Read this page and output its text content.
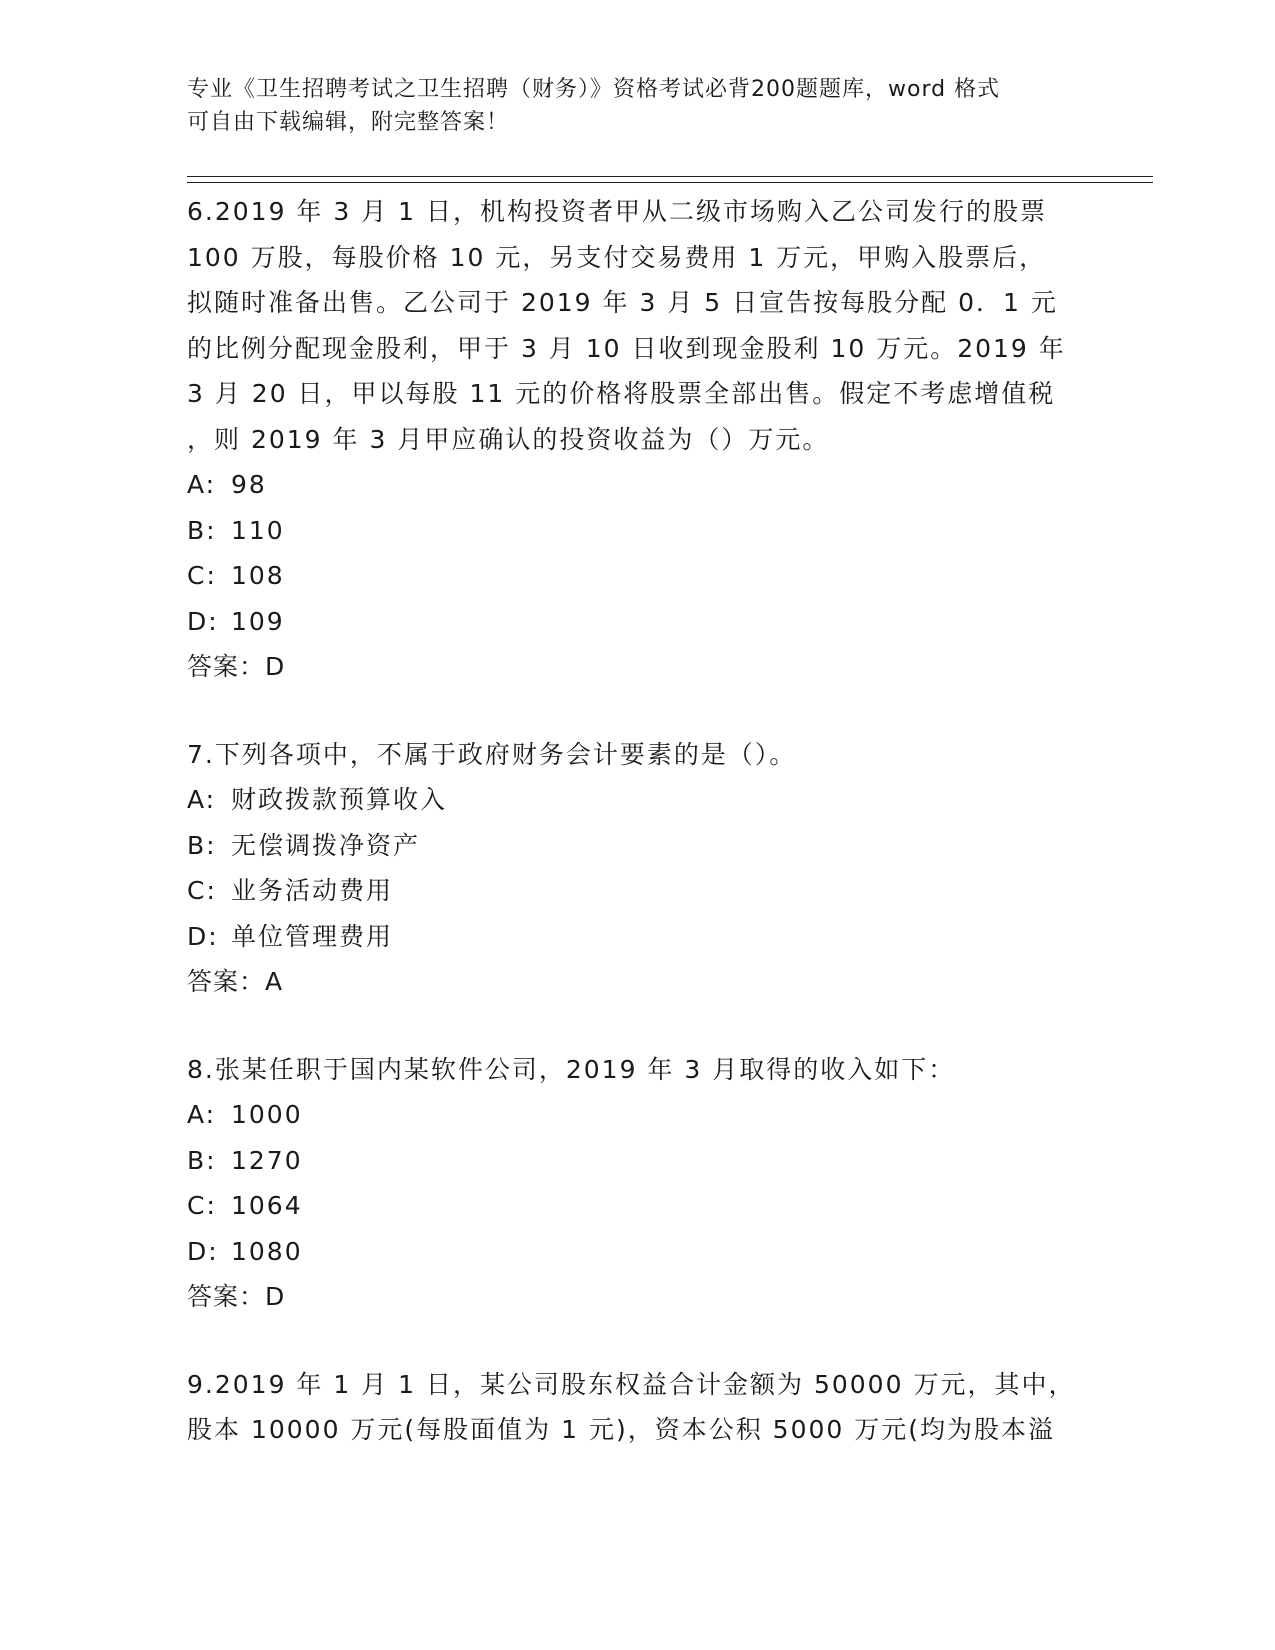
专业《卫生招聘考试之卫生招聘（财务）》资格考试必背200题题库，word 格式
可自由下载编辑，附完整答案！

6.2019 年 3 月 1 日，机构投资者甲从二级市场购入乙公司发行的股票
100 万股，每股价格 10 元，另支付交易费用 1 万元，甲购入股票后，
拟随时准备出售。乙公司于 2019 年 3 月 5 日宣告按每股分配 0．1 元
的比例分配现金股利，甲于 3 月 10 日收到现金股利 10 万元。2019 年
3 月 20 日，甲以每股 11 元的价格将股票全部出售。假定不考虑增值税
，则 2019 年 3 月甲应确认的投资收益为（）万元。

A: 98

B: 110

C: 108

D: 109

答案：D

7.下列各项中，不属于政府财务会计要素的是（）。

A: 财政拨款预算收入

B: 无偿调拨净资产

C: 业务活动费用

D: 单位管理费用

答案：A

8.张某任职于国内某软件公司，2019 年 3 月取得的收入如下：

A: 1000

B: 1270

C: 1064

D: 1080

答案：D

9.2019 年 1 月 1 日，某公司股东权益合计金额为 50000 万元，其中，
股本 10000 万元(每股面值为 1 元)，资本公积 5000 万元(均为股本溢
